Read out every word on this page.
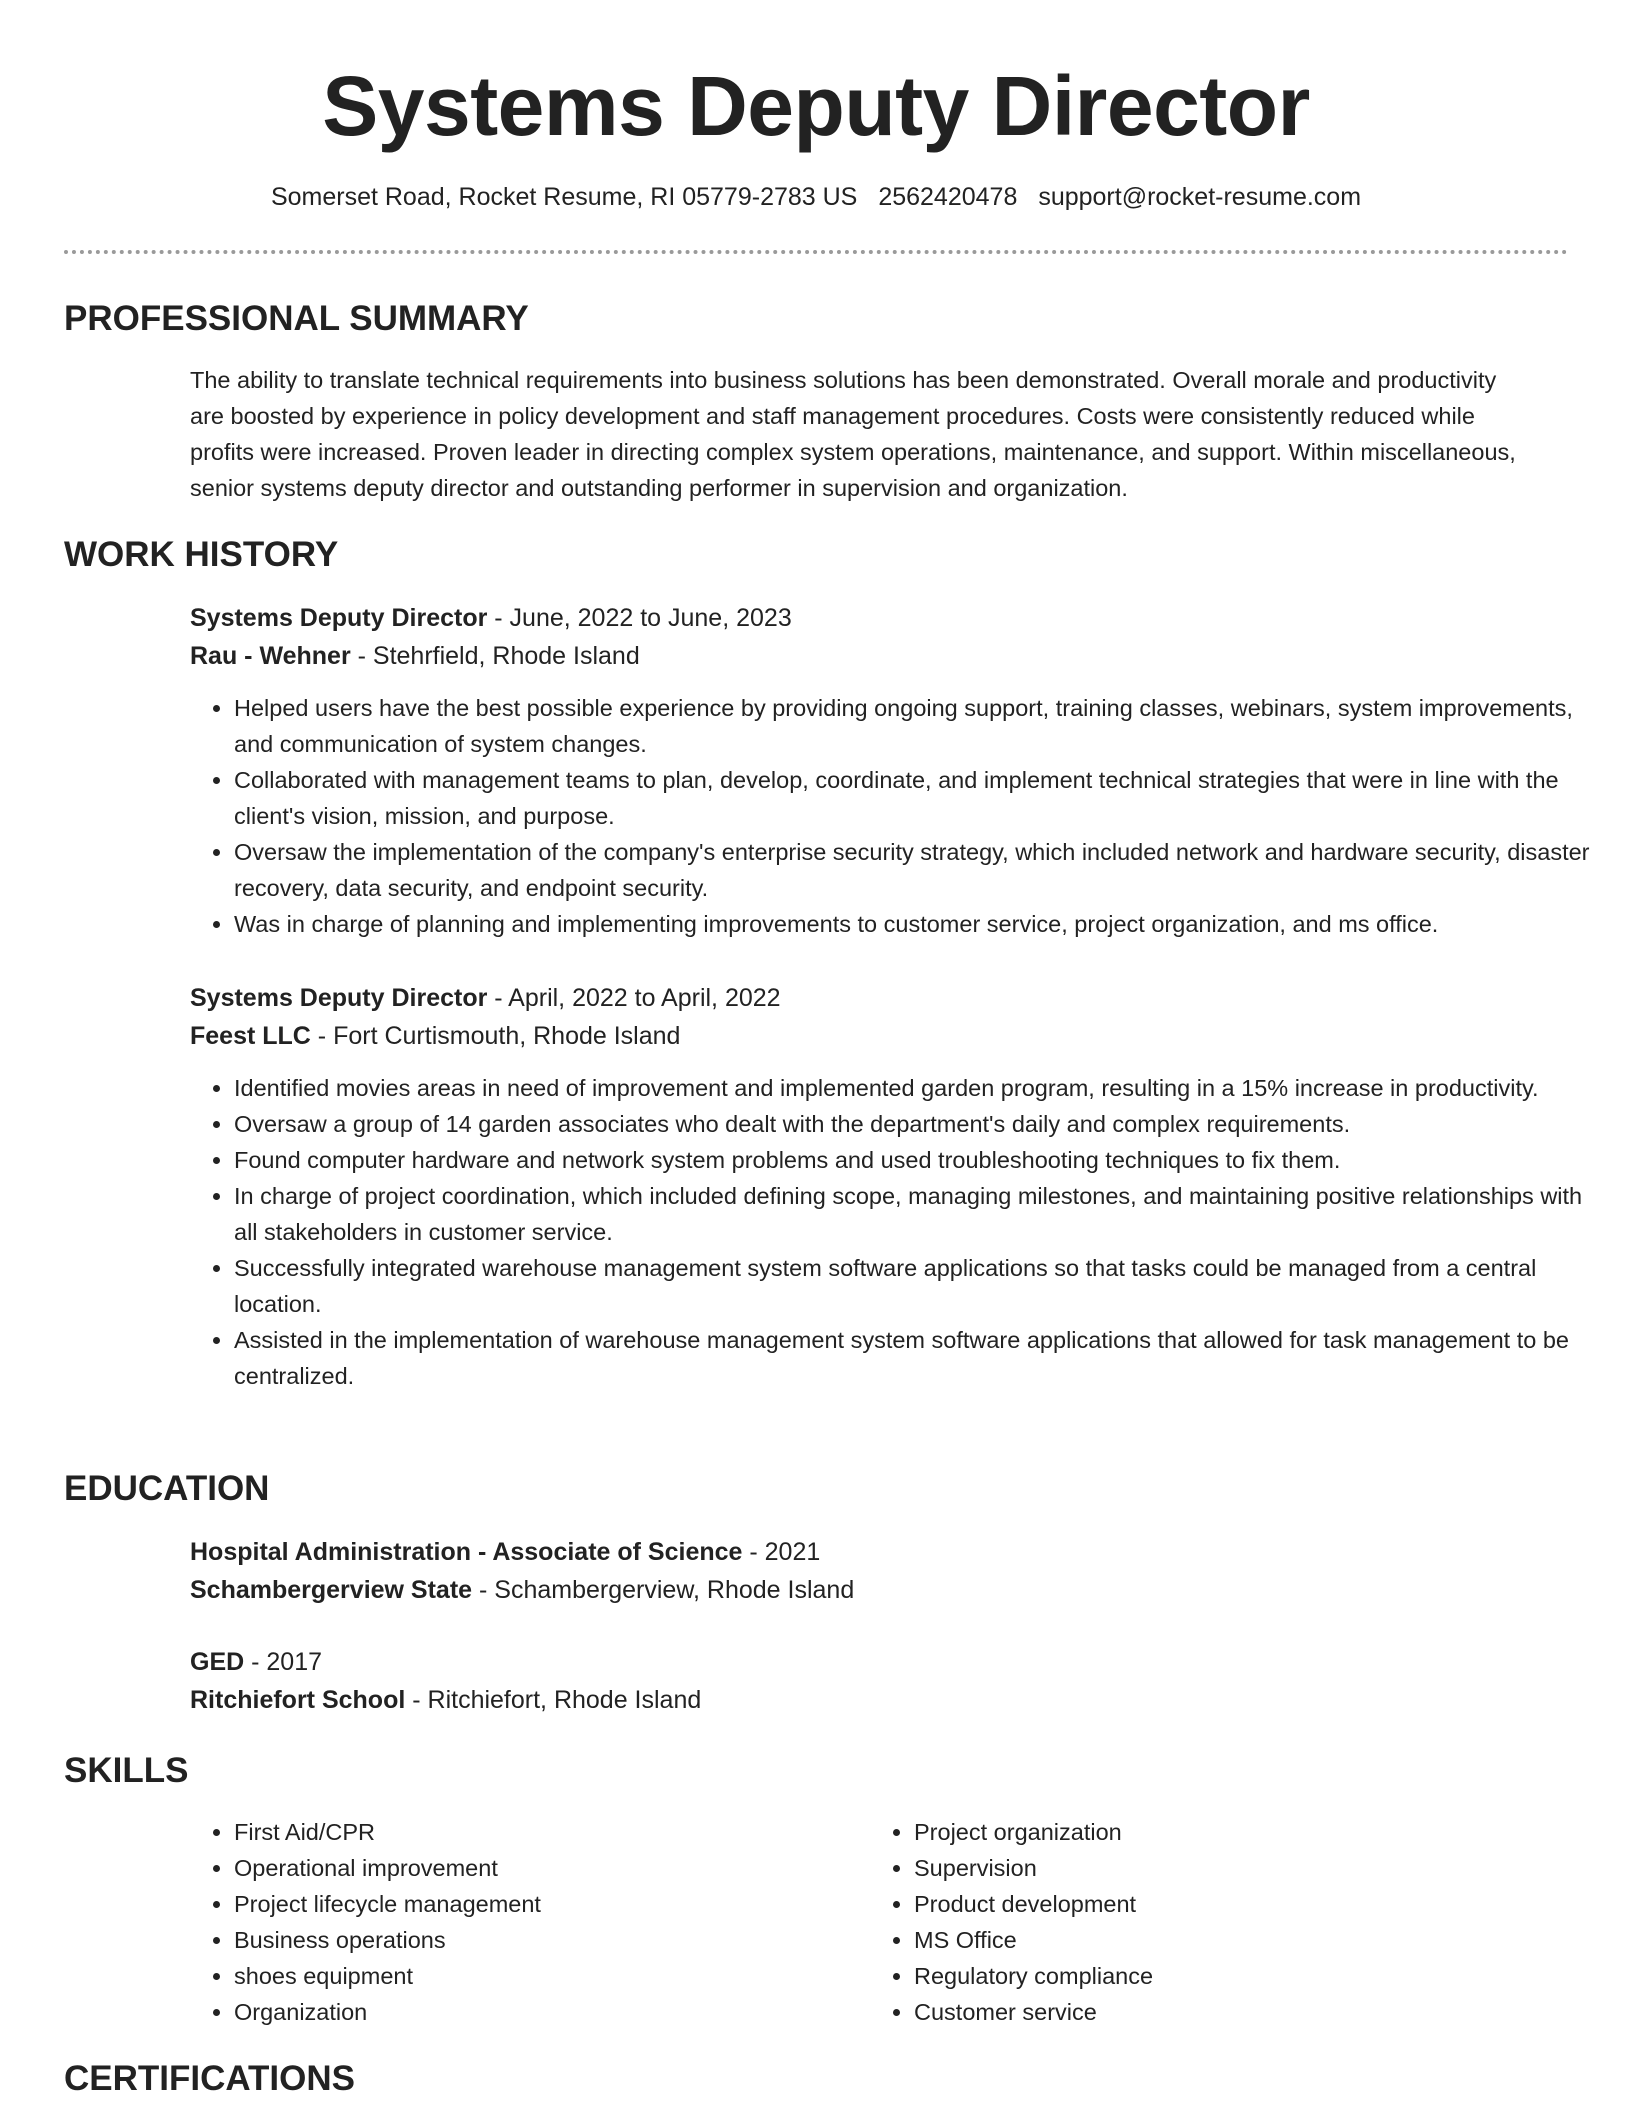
Systems Deputy Director
Somerset Road, Rocket Resume, RI 05779-2783 US 2562420478 support@rocket-resume.com
PROFESSIONAL SUMMARY
The ability to translate technical requirements into business solutions has been demonstrated. Overall morale and productivity are boosted by experience in policy development and staff management procedures. Costs were consistently reduced while profits were increased. Proven leader in directing complex system operations, maintenance, and support. Within miscellaneous, senior systems deputy director and outstanding performer in supervision and organization.
WORK HISTORY
Systems Deputy Director - June, 2022 to June, 2023
Rau - Wehner - Stehrfield, Rhode Island
• Helped users have the best possible experience by providing ongoing support, training classes, webinars, system improvements, and communication of system changes.
• Collaborated with management teams to plan, develop, coordinate, and implement technical strategies that were in line with the client's vision, mission, and purpose.
• Oversaw the implementation of the company's enterprise security strategy, which included network and hardware security, disaster recovery, data security, and endpoint security.
• Was in charge of planning and implementing improvements to customer service, project organization, and ms office.
Systems Deputy Director - April, 2022 to April, 2022
Feest LLC - Fort Curtismouth, Rhode Island
• Identified movies areas in need of improvement and implemented garden program, resulting in a 15% increase in productivity.
• Oversaw a group of 14 garden associates who dealt with the department's daily and complex requirements.
• Found computer hardware and network system problems and used troubleshooting techniques to fix them.
• In charge of project coordination, which included defining scope, managing milestones, and maintaining positive relationships with all stakeholders in customer service.
• Successfully integrated warehouse management system software applications so that tasks could be managed from a central location.
• Assisted in the implementation of warehouse management system software applications that allowed for task management to be centralized.
EDUCATION
Hospital Administration - Associate of Science - 2021
Schambergerview State - Schambergerview, Rhode Island
GED - 2017
Ritchiefort School - Ritchiefort, Rhode Island
SKILLS
• First Aid/CPR
• Operational improvement
• Project lifecycle management
• Business operations
• shoes equipment
• Organization
• Project organization
• Supervision
• Product development
• MS Office
• Regulatory compliance
• Customer service
CERTIFICATIONS
